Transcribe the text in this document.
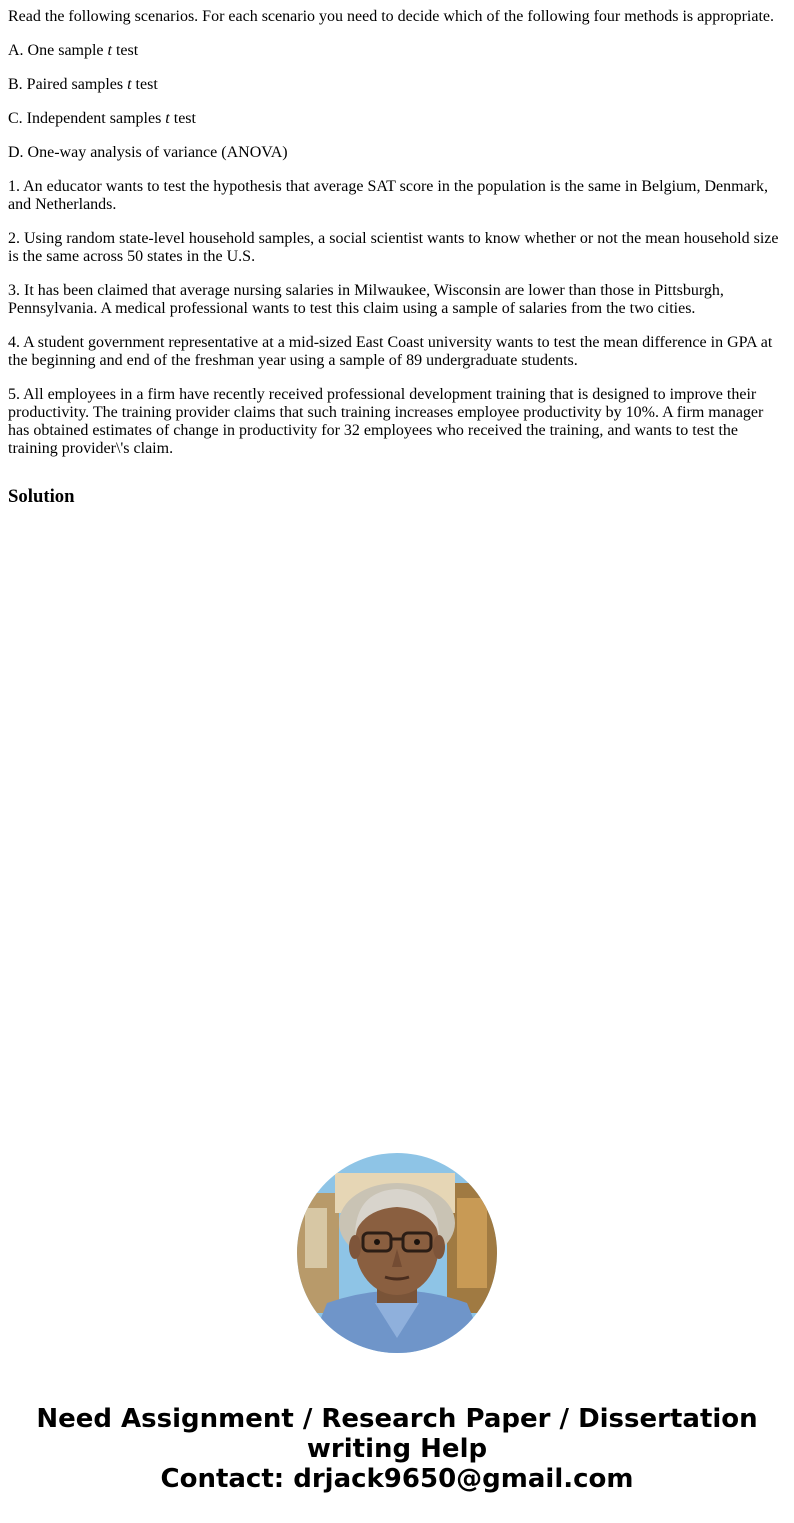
Read the following scenarios. For each scenario you need to decide which of the following four methods is appropriate.

A. One sample t test

B. Paired samples t test

C. Independent samples t test

D. One-way analysis of variance (ANOVA)

1. An educator wants to test the hypothesis that average SAT score in the population is the same in Belgium, Denmark, and Netherlands.

2. Using random state-level household samples, a social scientist wants to know whether or not the mean household size is the same across 50 states in the U.S.

3. It has been claimed that average nursing salaries in Milwaukee, Wisconsin are lower than those in Pittsburgh, Pennsylvania. A medical professional wants to test this claim using a sample of salaries from the two cities.

4. A student government representative at a mid-sized East Coast university wants to test the mean difference in GPA at the beginning and end of the freshman year using a sample of 89 undergraduate students.

5. All employees in a firm have recently received professional development training that is designed to improve their productivity. The training provider claims that such training increases employee productivity by 10%. A firm manager has obtained estimates of change in productivity for 32 employees who received the training, and wants to test the training provider\'s claim.

Solution
Need Assignment / Research Paper / Dissertation
writing Help
Contact: drjack9650@gmail.com
